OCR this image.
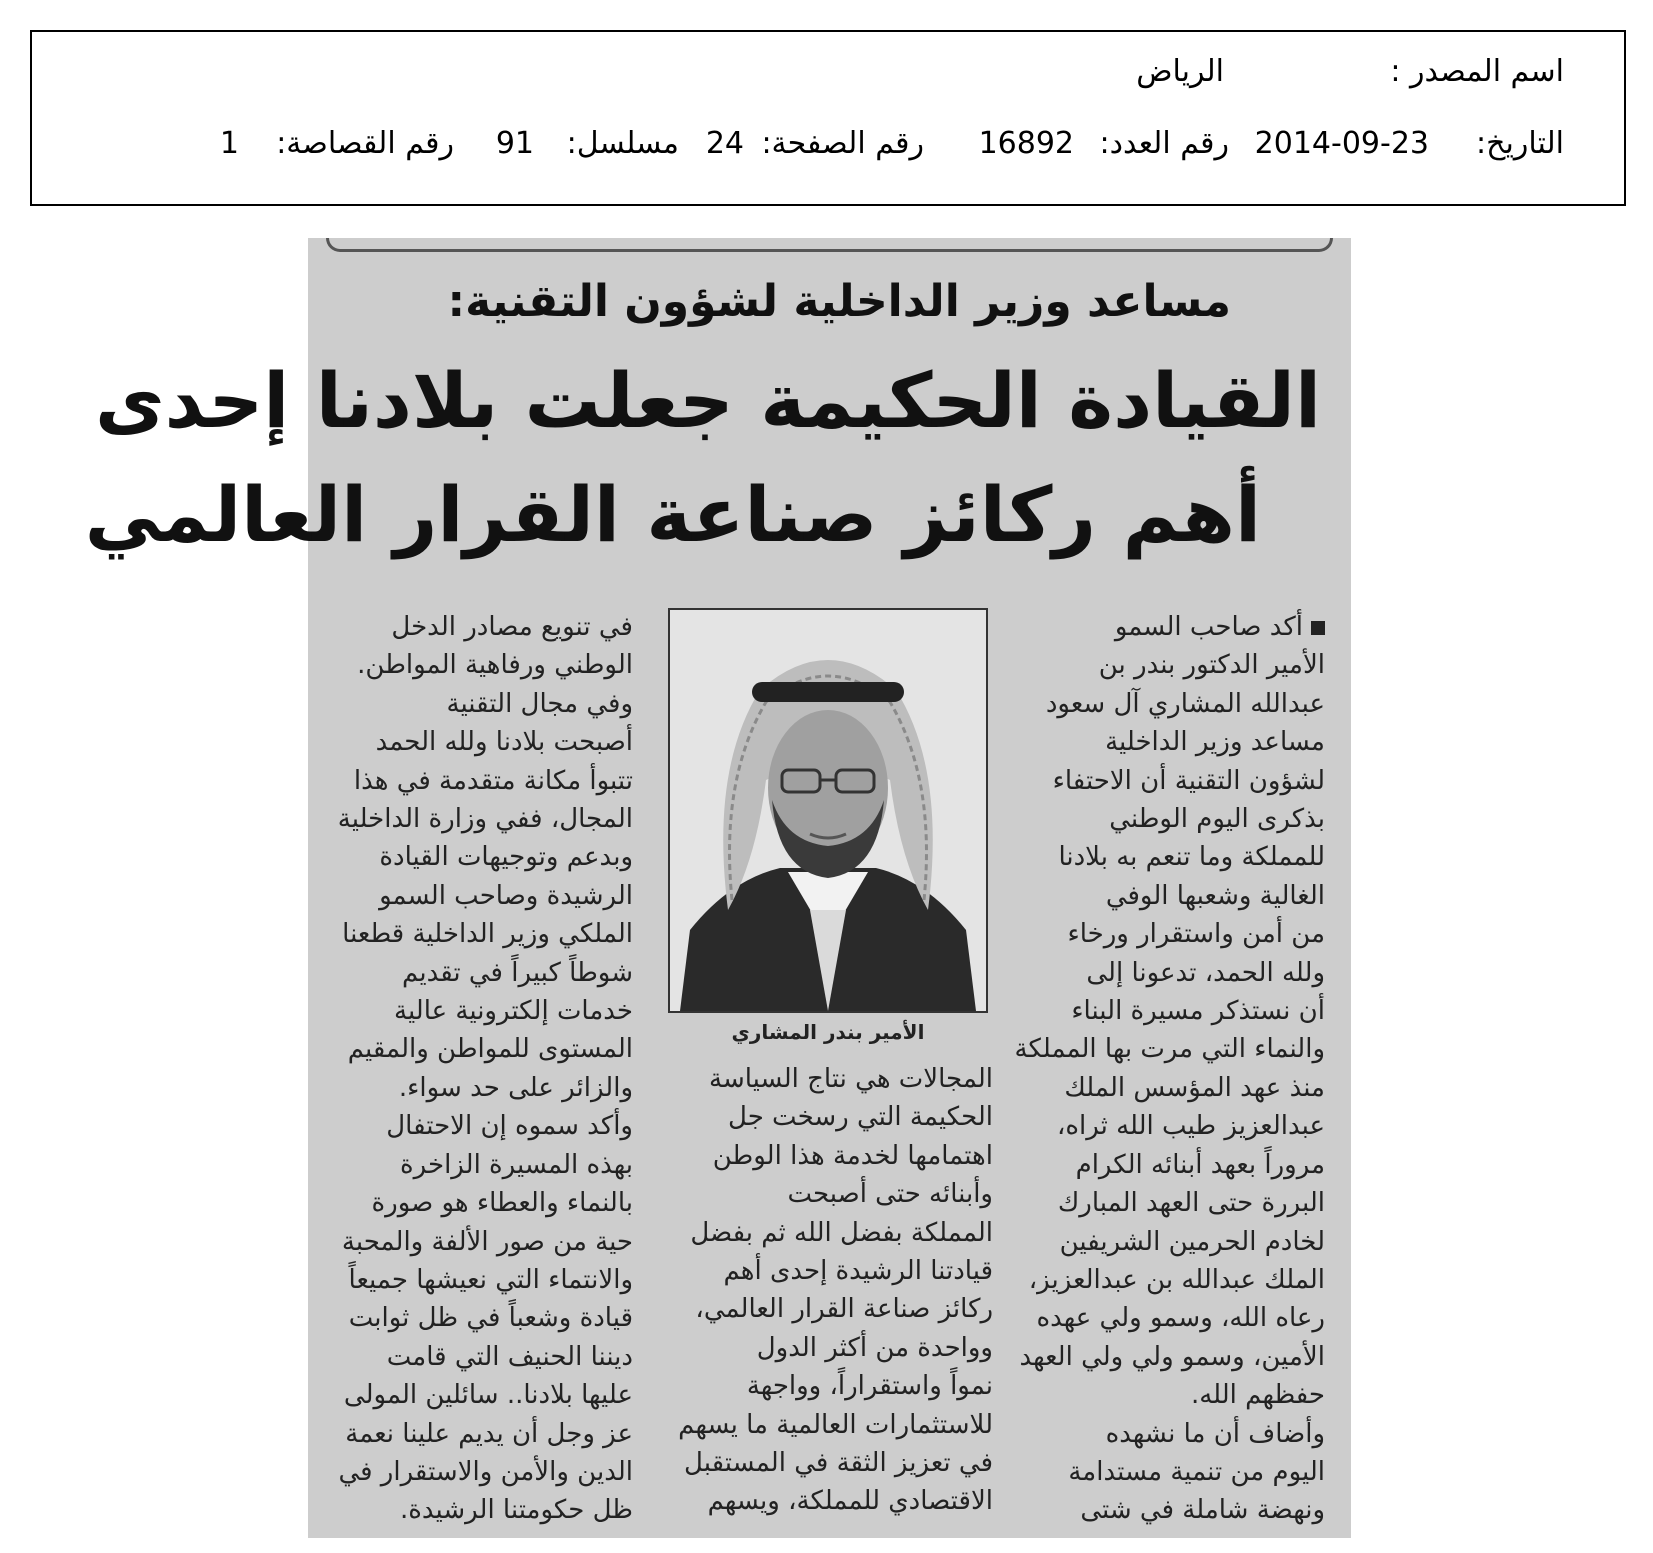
اسم المصدر :
الرياض
التاريخ:
2014-09-23
رقم العدد:
16892
رقم الصفحة:
24
مسلسل:
91
رقم القصاصة:
1
مساعد وزير الداخلية لشؤون التقنية:
القيادة الحكيمة جعلت بلادنا إحدى
أهم ركائز صناعة القرار العالمي
أكد صاحب السمو
الأمير الدكتور بندر بن
عبدالله المشاري آل سعود
مساعد وزير الداخلية
لشؤون التقنية أن الاحتفاء
بذكرى اليوم الوطني
للمملكة وما تنعم به بلادنا
الغالية وشعبها الوفي
من أمن واستقرار ورخاء
ولله الحمد، تدعونا إلى
أن نستذكر مسيرة البناء
والنماء التي مرت بها المملكة
منذ عهد المؤسس الملك
عبدالعزيز طيب الله ثراه،
مروراً بعهد أبنائه الكرام
البررة حتى العهد المبارك
لخادم الحرمين الشريفين
الملك عبدالله بن عبدالعزيز،
رعاه الله، وسمو ولي عهده
الأمين، وسمو ولي ولي العهد
حفظهم الله.
وأضاف أن ما نشهده
اليوم من تنمية مستدامة
ونهضة شاملة في شتى
الأمير بندر المشاري
المجالات هي نتاج السياسة
الحكيمة التي رسخت جل
اهتمامها لخدمة هذا الوطن
وأبنائه حتى أصبحت
المملكة بفضل الله ثم بفضل
قيادتنا الرشيدة إحدى أهم
ركائز صناعة القرار العالمي،
وواحدة من أكثر الدول
نمواً واستقراراً، وواجهة
للاستثمارات العالمية ما يسهم
في تعزيز الثقة في المستقبل
الاقتصادي للمملكة، ويسهم
في تنويع مصادر الدخل
الوطني ورفاهية المواطن.
وفي مجال التقنية
أصبحت بلادنا ولله الحمد
تتبوأ مكانة متقدمة في هذا
المجال، ففي وزارة الداخلية
وبدعم وتوجيهات القيادة
الرشيدة وصاحب السمو
الملكي وزير الداخلية قطعنا
شوطاً كبيراً في تقديم
خدمات إلكترونية عالية
المستوى للمواطن والمقيم
والزائر على حد سواء.
وأكد سموه إن الاحتفال
بهذه المسيرة الزاخرة
بالنماء والعطاء هو صورة
حية من صور الألفة والمحبة
والانتماء التي نعيشها جميعاً
قيادة وشعباً في ظل ثوابت
ديننا الحنيف التي قامت
عليها بلادنا.. سائلين المولى
عز وجل أن يديم علينا نعمة
الدين والأمن والاستقرار في
ظل حكومتنا الرشيدة.
